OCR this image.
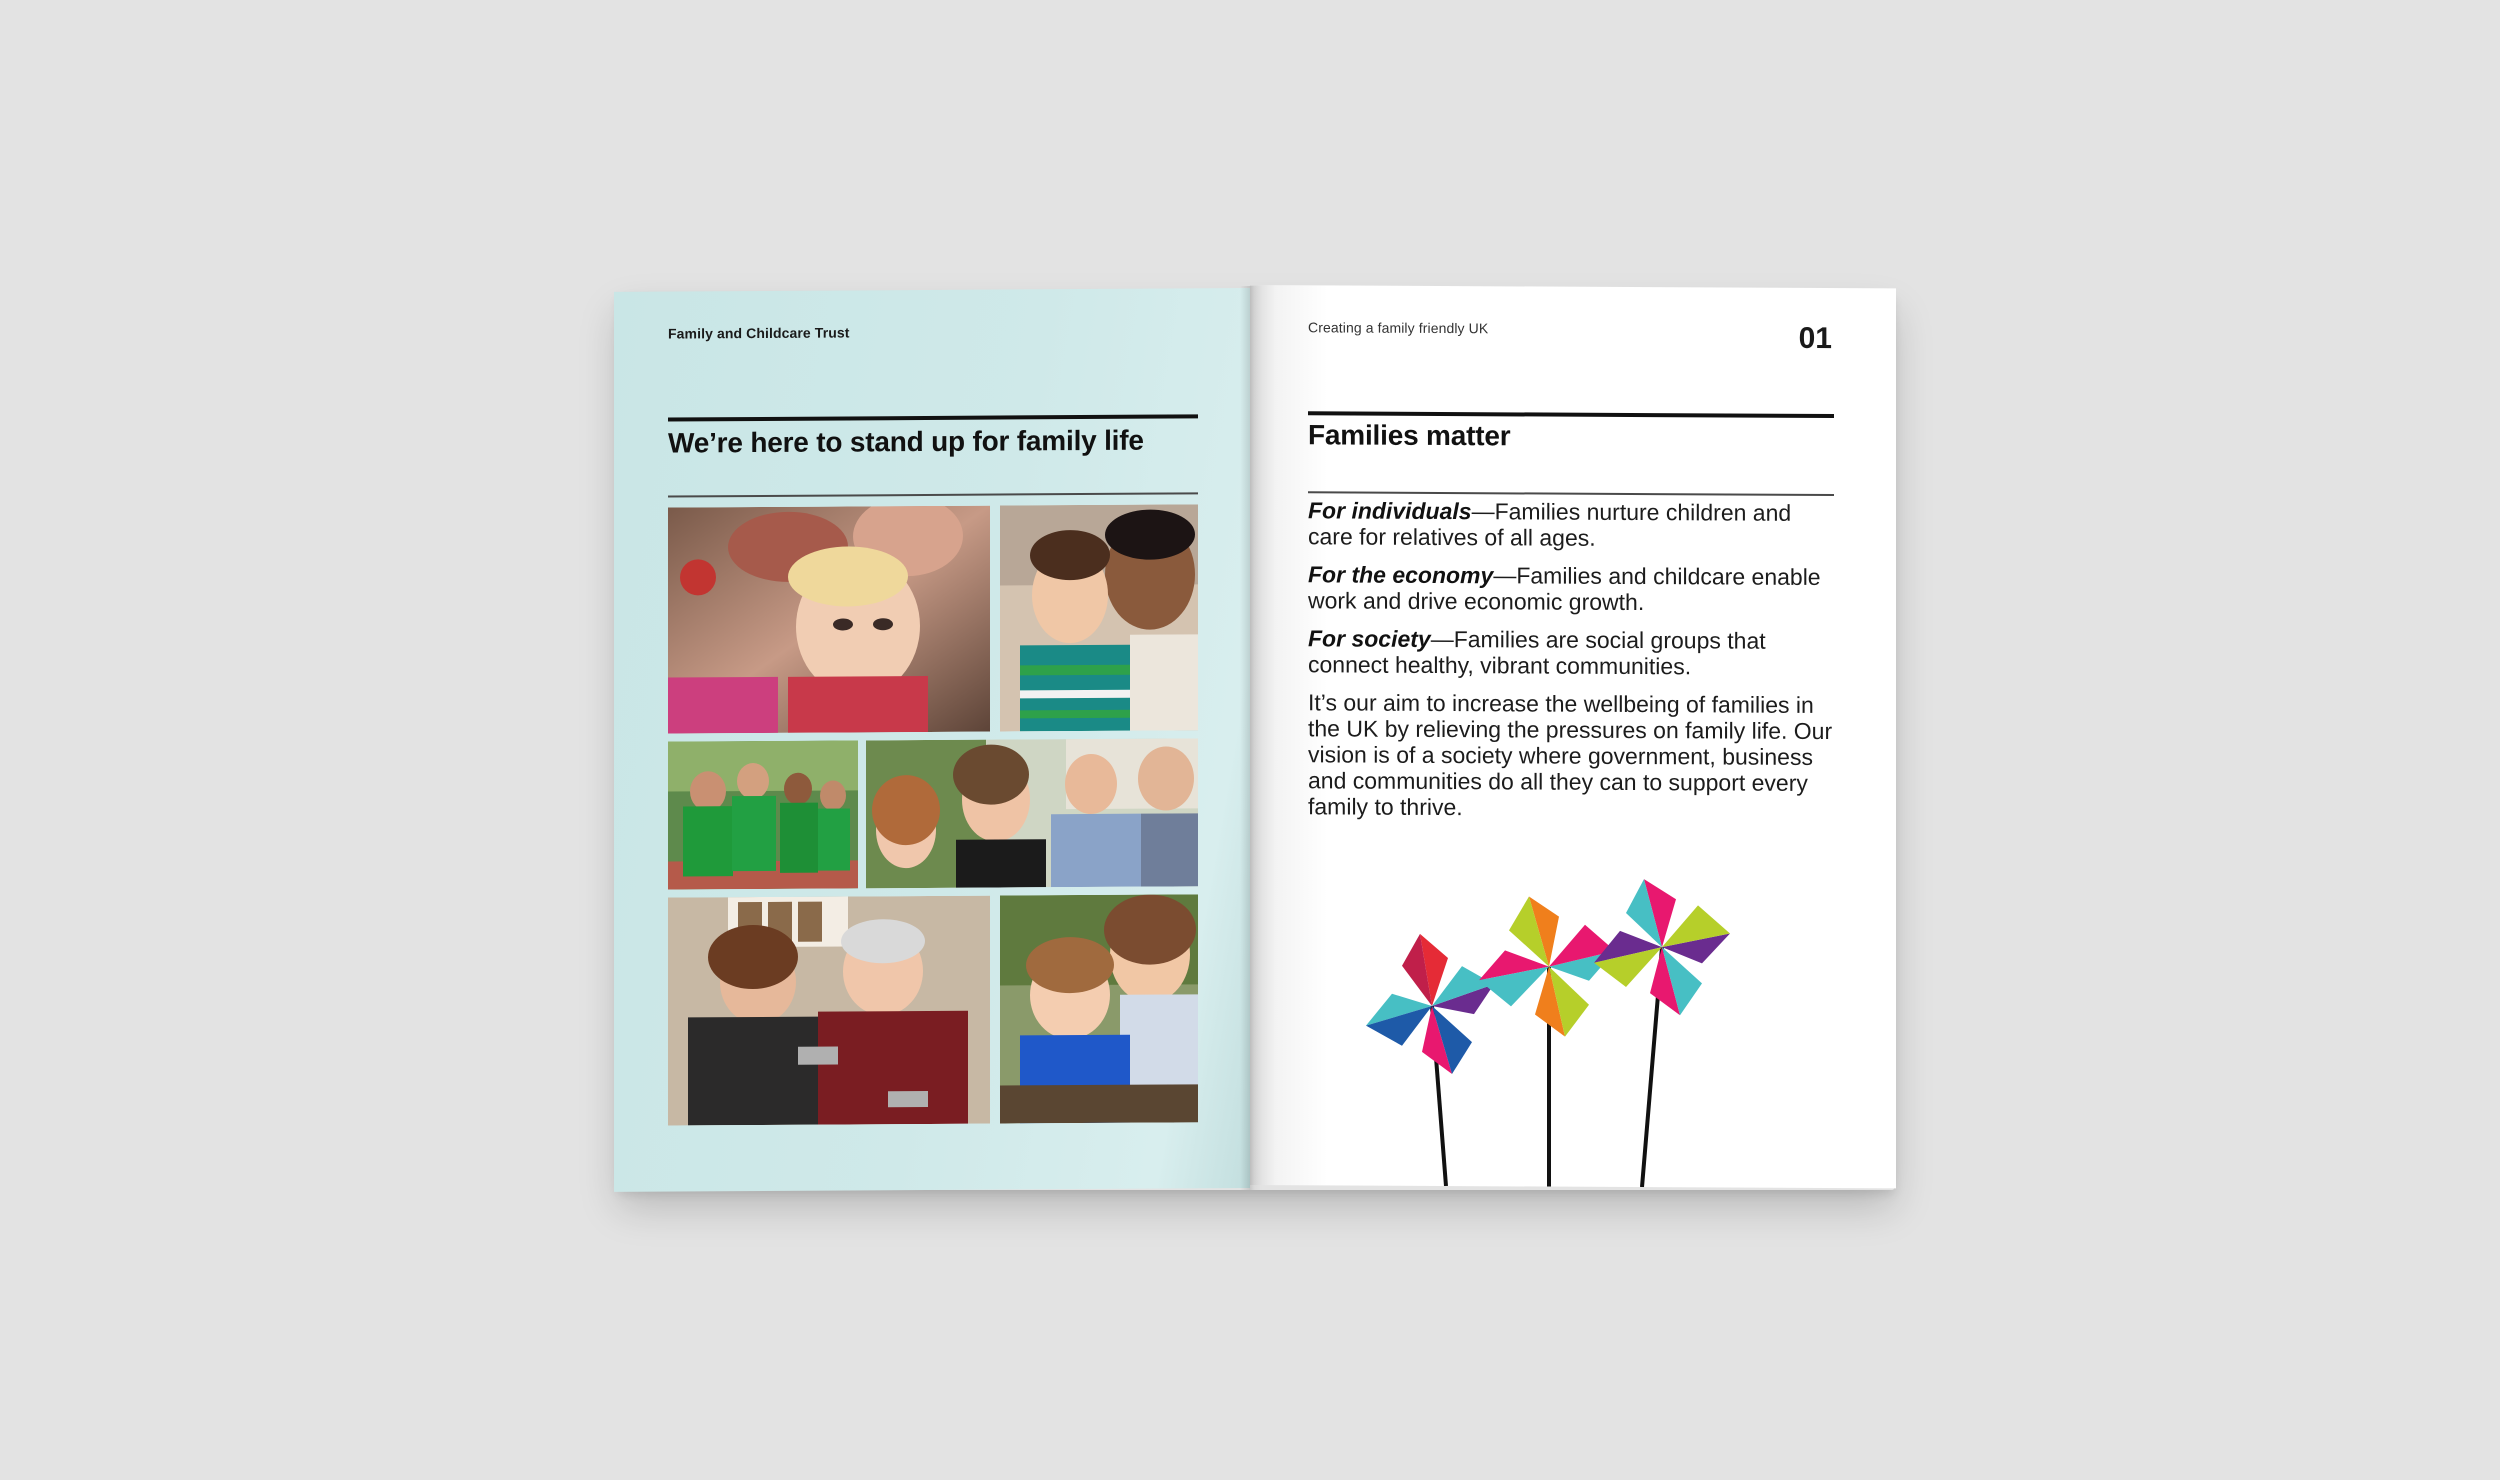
Family and Childcare Trust
We’re here to stand up for family life
Creating a family friendly UK	01
Families matter

For individuals—Families nurture children and care for relatives of all ages.

For the economy—Families and childcare enable work and drive economic growth.

For society—Families are social groups that connect healthy, vibrant communities.

It’s our aim to increase the wellbeing of families in the UK by relieving the pressures on family life. Our vision is of a society where government, business and communities do all they can to support every family to thrive.
